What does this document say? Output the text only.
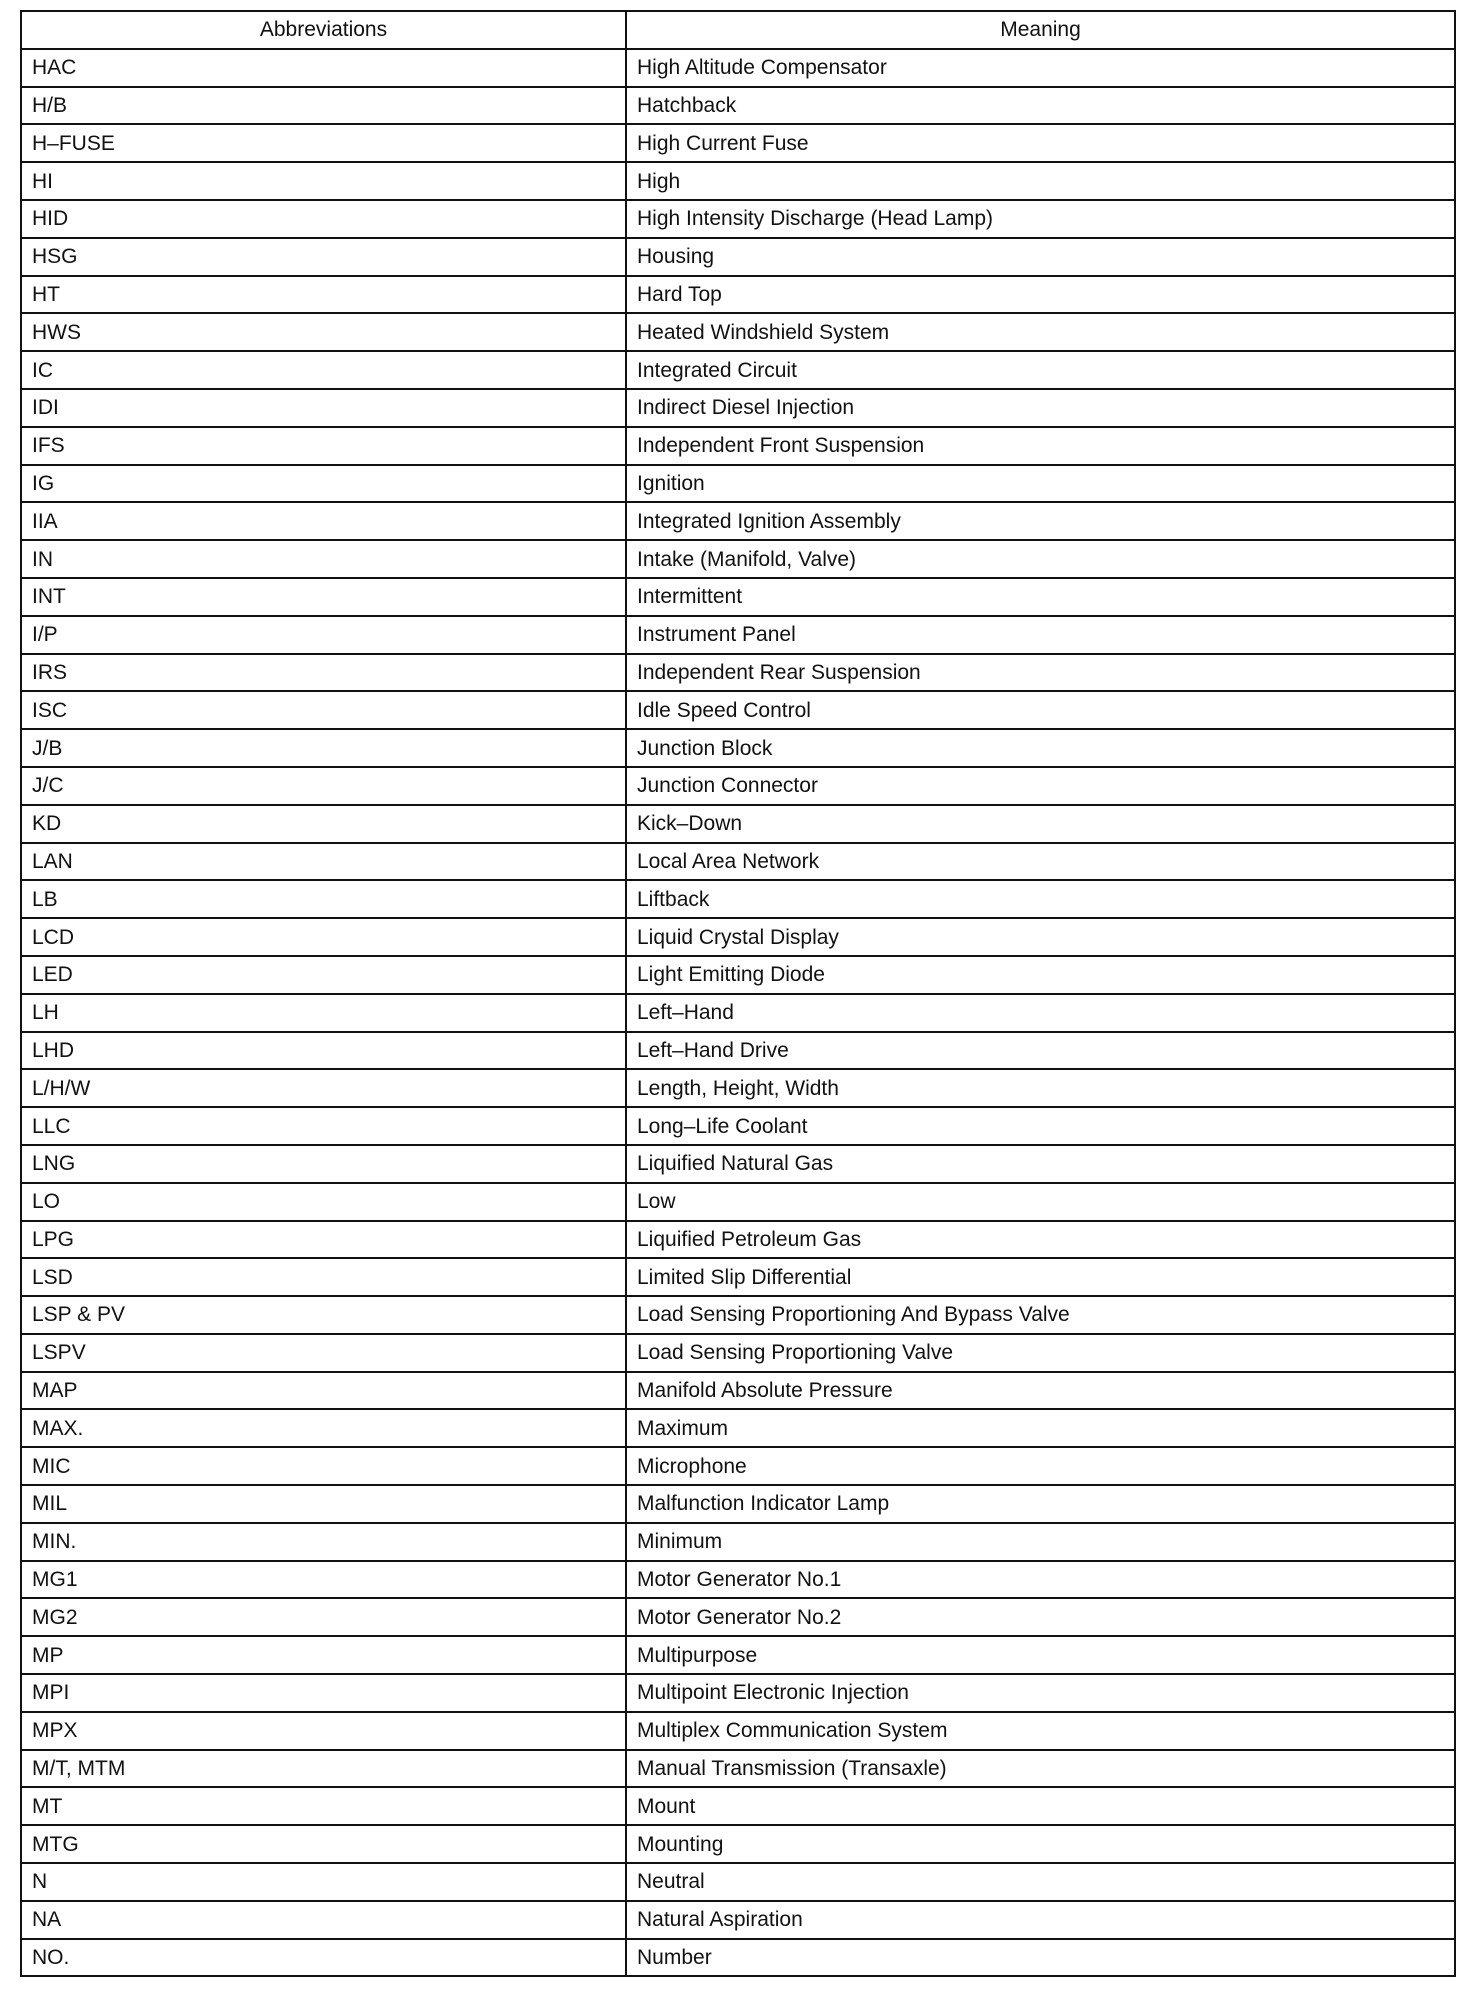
Abbreviations	Meaning
HAC	High Altitude Compensator
H/B	Hatchback
H–FUSE	High Current Fuse
HI	High
HID	High Intensity Discharge (Head Lamp)
HSG	Housing
HT	Hard Top
HWS	Heated Windshield System
IC	Integrated Circuit
IDI	Indirect Diesel Injection
IFS	Independent Front Suspension
IG	Ignition
IIA	Integrated Ignition Assembly
IN	Intake (Manifold, Valve)
INT	Intermittent
I/P	Instrument Panel
IRS	Independent Rear Suspension
ISC	Idle Speed Control
J/B	Junction Block
J/C	Junction Connector
KD	Kick–Down
LAN	Local Area Network
LB	Liftback
LCD	Liquid Crystal Display
LED	Light Emitting Diode
LH	Left–Hand
LHD	Left–Hand Drive
L/H/W	Length, Height, Width
LLC	Long–Life Coolant
LNG	Liquified Natural Gas
LO	Low
LPG	Liquified Petroleum Gas
LSD	Limited Slip Differential
LSP & PV	Load Sensing Proportioning And Bypass Valve
LSPV	Load Sensing Proportioning Valve
MAP	Manifold Absolute Pressure
MAX.	Maximum
MIC	Microphone
MIL	Malfunction Indicator Lamp
MIN.	Minimum
MG1	Motor Generator No.1
MG2	Motor Generator No.2
MP	Multipurpose
MPI	Multipoint Electronic Injection
MPX	Multiplex Communication System
M/T, MTM	Manual Transmission (Transaxle)
MT	Mount
MTG	Mounting
N	Neutral
NA	Natural Aspiration
NO.	Number
